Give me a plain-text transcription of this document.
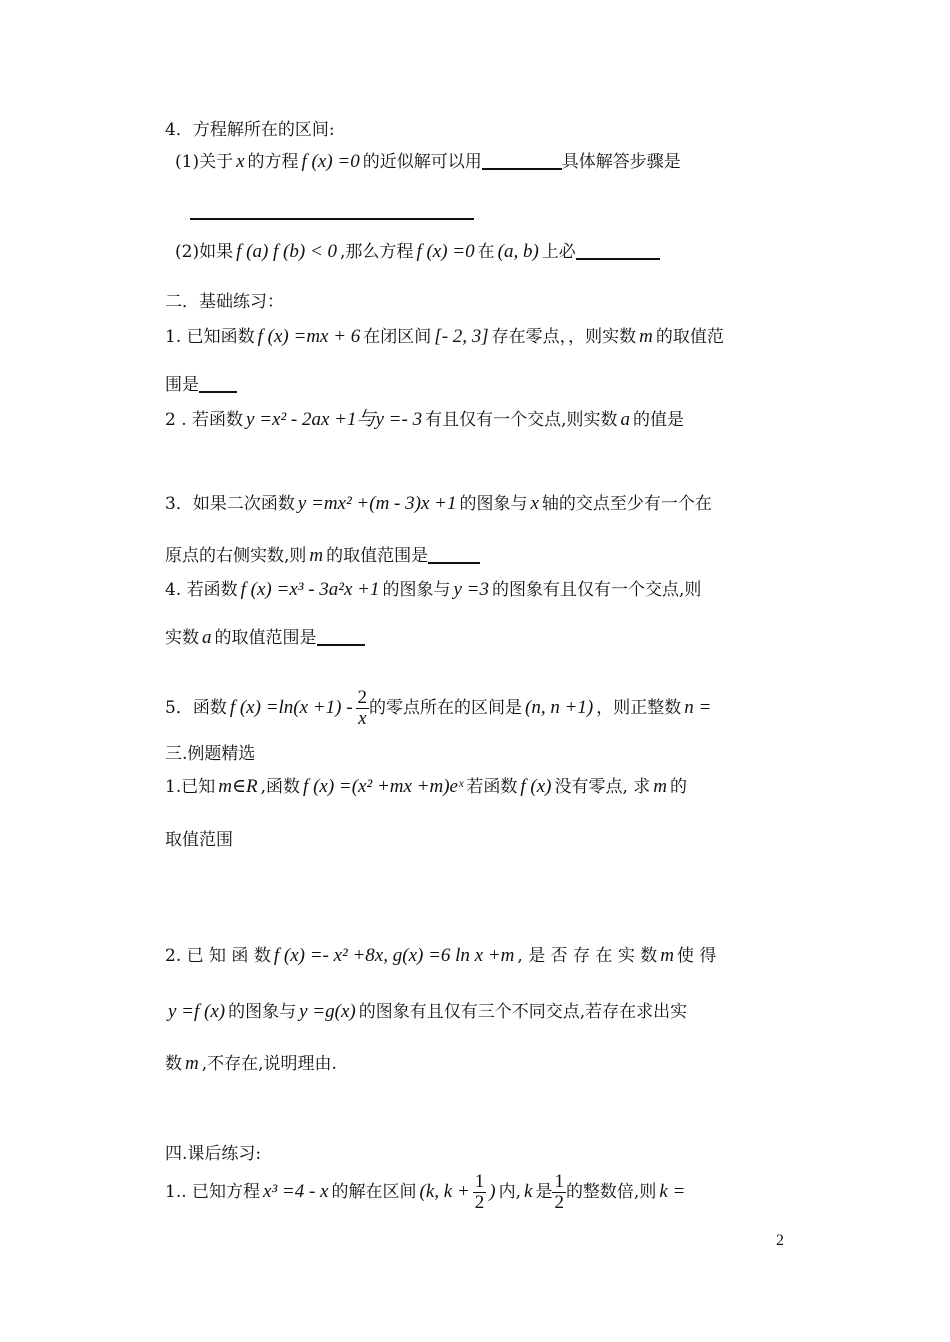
4．方程解所在的区间:
(1)关于 x 的方程 f (x) =0 的近似解可以用	具体解答步骤是
(2)如果 f (a) f (b) < 0 ,那么方程 f (x) =0 在 (a, b) 上必
二．基础练习：
1. 已知函数 f (x) =mx + 6 在闭区间 [- 2, 3] 存在零点，，则实数 m 的取值范
围是
2 . 若函数 y =x² - 2ax +1与y =- 3 有且仅有一个交点,则实数 a 的值是
3．如果二次函数 y =mx² +(m - 3)x +1 的图象与 x 轴的交点至少有一个在
原点的右侧实数,则 m 的取值范围是
4. 若函数 f (x) =x³ - 3a²x +1 的图象与 y =3 的图象有且仅有一个交点,则
实数 a 的取值范围是
5．函数 f $(x) =\ln(x +1) - \frac{2}{x}$ 的零点所在的区间是 (n, n +1) ，则正整数 n =
三.例题精选
1.已知 m∈R ,函数 f (x) =(x² +mx +m)eˣ 若函数 f (x) 没有零点, 求 m 的
取值范围
2. 已 知 函 数 f (x) =- x² +8x, g(x) =6 ln x +m , 是 否 存 在 实 数 m 使 得
y =f (x) 的图象与 y =g(x) 的图象有且仅有三个不同交点,若存在求出实
数 m ,不存在,说明理由.
四.课后练习:
1.. 已知方程 x³ =4 - x 的解在区间 (k, $k + \frac{1}{2}$ ) 内, k 是 $\frac{1}{2}$ 的整数倍,则 k =
2
